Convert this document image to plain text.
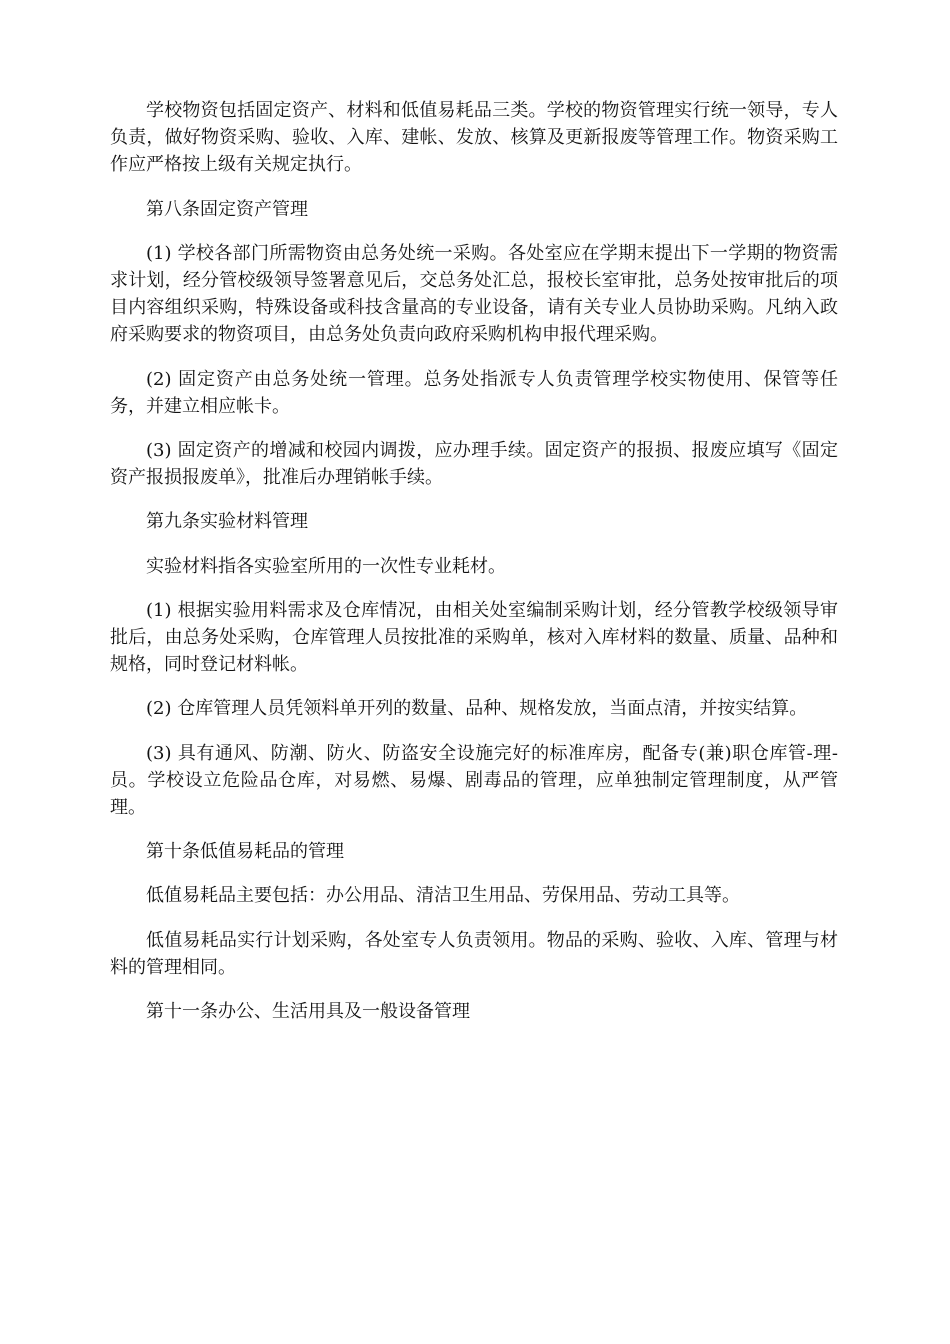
学校物资包括固定资产、材料和低值易耗品三类。学校的物资管理实行统一领导，专人负责，做好物资采购、验收、入库、建帐、发放、核算及更新报废等管理工作。物资采购工作应严格按上级有关规定执行。

第八条固定资产管理

(1) 学校各部门所需物资由总务处统一采购。各处室应在学期末提出下一学期的物资需求计划，经分管校级领导签署意见后，交总务处汇总，报校长室审批，总务处按审批后的项目内容组织采购，特殊设备或科技含量高的专业设备，请有关专业人员协助采购。凡纳入政府采购要求的物资项目，由总务处负责向政府采购机构申报代理采购。

(2) 固定资产由总务处统一管理。总务处指派专人负责管理学校实物使用、保管等任务，并建立相应帐卡。

(3) 固定资产的增减和校园内调拨，应办理手续。固定资产的报损、报废应填写《固定资产报损报废单》，批准后办理销帐手续。

第九条实验材料管理

实验材料指各实验室所用的一次性专业耗材。

(1) 根据实验用料需求及仓库情况，由相关处室编制采购计划，经分管教学校级领导审批后，由总务处采购，仓库管理人员按批准的采购单，核对入库材料的数量、质量、品种和规格，同时登记材料帐。

(2) 仓库管理人员凭领料单开列的数量、品种、规格发放，当面点清，并按实结算。

(3) 具有通风、防潮、防火、防盗安全设施完好的标准库房，配备专(兼)职仓库管-理-员。学校设立危险品仓库，对易燃、易爆、剧毒品的管理，应单独制定管理制度，从严管理。

第十条低值易耗品的管理

低值易耗品主要包括：办公用品、清洁卫生用品、劳保用品、劳动工具等。

低值易耗品实行计划采购，各处室专人负责领用。物品的采购、验收、入库、管理与材料的管理相同。

第十一条办公、生活用具及一般设备管理
